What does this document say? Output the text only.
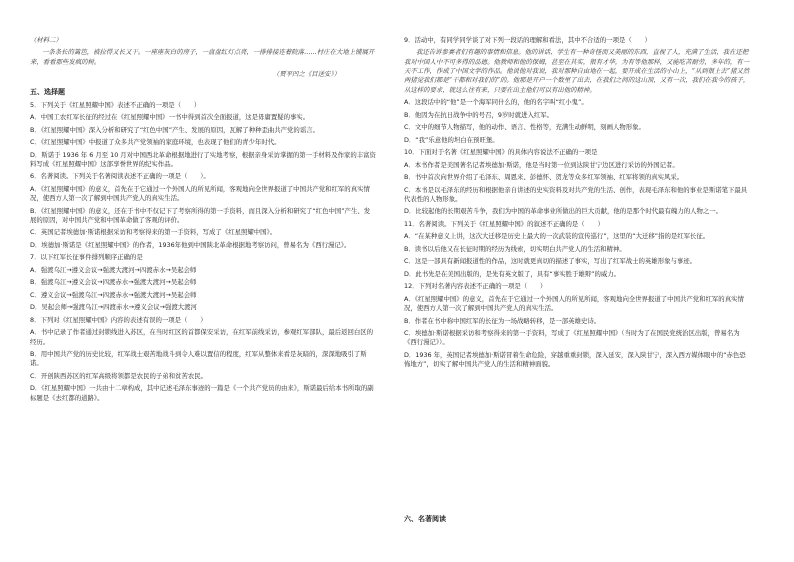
（材料二）

一条条长的篱笆，被拉得又长又干。一座座灰白的房子，一盘盘红灯点亮，一排排接连着院落……村庄在大地上铺展开来，看看那些发疯的树。

（贾平凹之《目送安》）

五、选择题

5．下列关于《红星照耀中国》表述不正确的一项是（　　）

A．中国工农红军长征的经过在《红星照耀中国》一书中得到首次全面报道，这是毋庸置疑的事实。

B．《红星照耀中国》深入分析和研究了“红色中国”产生、发展的原因，瓦解了种种歪曲共产党的谣言。

C．《红星照耀中国》中报道了众多共产党领袖的家庭环境，也表现了他们的青少年时代。

D．斯诺于 1936 年 6 月至 10 月对中国西北革命根据地进行了实地考察，根据亲身采访掌握的第一手材料及作家的丰富资料写成《红星照耀中国》这部享誉世界的纪实作品。

6．名著阅读。下列关于名著阅读表述不正确的一项是（　　）。

A．《红星照耀中国》的意义，首先在于它通过一个外国人的所见所闻，客观地向全世界报道了中国共产党和红军的真实情况，使西方人第一次了解到中国共产党人的真实生活。

B．《红星照耀中国》的意义，还在于书中不仅记下了考察所得的第一手资料，而且深入分析和研究了“红色中国”产生、发展的原因，对中国共产党和中国革命做了客观的评价。

C．英国记者埃德加·斯诺根据采访和考察得来的第一手资料，写成了《红星照耀中国》。

D．埃德加·斯诺是《红星照耀中国》的作者，1936年他到中国陕北革命根据地考察访问，曾易名为《西行漫记》。

7．以下红军长征事件排列顺序正确的是

A．强渡乌江→遵义会议→强渡大渡河→四渡赤水→吴起会师

B．强渡乌江→遵义会议→四渡赤水→强渡大渡河→吴起会师

C．遵义会议→强渡乌江→四渡赤水→强渡大渡河→吴起会师

D．吴起会师→强渡乌江→四渡赤水→遵义会议→强渡大渡河

8．下列对《红星照耀中国》内容的表述有误的一项是（　　）

A．书中记录了作者通过封锁线进入苏区，在当时红区的首都保安采访，在红军前线采访，参观红军部队，最后返回白区的经历。

B．用中国共产党的历史比较，红军战士艰苦地战斗到令人难以置信的程度，红军从整体来看是灰暗的，深深地吸引了斯诺。

C．开创陕西苏区的红军高级将领都是农民的子弟和贫苦农民。

D．《红星照耀中国》一共由十二章构成，其中记述毛泽东事迹的一篇是《一个共产党员的由来》，斯诺最后给本书所取的副标题是《去红都的道路》。

9．活动中，有同学同学谈了对下列一段话的理解和看法，其中不合适的一项是（　　）

我还告诉参赛者们有趣的事情和信息。他的讲话、学生有一种奇怪而又美丽的东西，直视了人，充满了生活，我在还把我对中国人中不可多得的品德。他教师和他的保姆，甚至在其实，很有才华，为有等他那样，又能吃苦耐劳，多年的，有一天不工作，作成了中国文学的作品。他说他对我说，我对那种自由地在一起，要开成在生活的小山上，“从到很上去”猪又然两猪觉我们都是“干都和对我们的”的。他那是开户一个数里了出去，在我们之间的这山顶，又有一次，我们在我今的孩子，从这样的要求，就这么往有来，只要在出主他们可以有出他的精神。

A．这段话中的“他”是一个海军同什么的，他的名字叫“红小鬼”。

B．他因为在抗日战争中的号召，9岁时就进入红军。

C．文中的细节人物描写，他的动作、语言、性格等，充满生动鲜明，刻画人物形象。

D．“我”乐意他的坦白在预旺堡。

10．下面对于名著《红星照耀中国》的具体内容说法不正确的一项是

A．本书作者是美国著名记者埃德加·斯诺，他是当时第一位到达陕甘宁边区进行采访的外国记者。

B．书中首次向世界介绍了毛泽东、周恩来、彭德怀、贺龙等众多红军领袖、红军将领的真实风采。

C．本书是以毛泽东的经历和根据他亲自讲述的史实资料及对共产党的生活、创作，表现毛泽东和他的事业是斯诺笔下最具代表性的人物形象。

D．比较起他的长期艰苦斗争，我们为中国的革命事业所做出的巨大贡献，他的是那个时代最有魄力的人物之一。

11．名著阅读。下列关于《红星照耀中国》的叙述不正确的是（　　）

A．“在某种意义上讲，这次大迁移是历史上最大的一次武装的宣传巡行”，这里的“大迁移”指的是红军长征。

B．读书以后他又在长征时期的经历为线索，切实明白共产党人的生活和精神。

C．这是一部具有新闻报道性的作品，这时就更真切的描述了事实，写出了红军战士的英雄形象与事迹。

D．此书先是在美国出版的，是先有英文版了，具有“事实胜于雄辩”的威力。

12．下列对名著内容表述不正确的一项是（　　）

A．《红星照耀中国》的意义，首先在于它通过一个外国人的所见所闻，客观地向全世界报道了中国共产党和红军的真实情况，使西方人第一次了解到中国共产党人的真实生活。

B．作者在书中称中国红军的长征为一场战略转移，是一部英雄史诗。

C．埃德加·斯诺根据采访和考察得来的第一手资料，写成了《红星照耀中国》（当时为了在国民党统治区出版，曾易名为《西行漫记》）。

D．1936 年，英国记者埃德加·斯诺冒着生命危险，穿越重重封锁，深入延安，深入陕甘宁，深入西方媒体眼中的“赤色恐怖地方”，切实了解中国共产党人的生活和精神面貌。

六、名著阅读
